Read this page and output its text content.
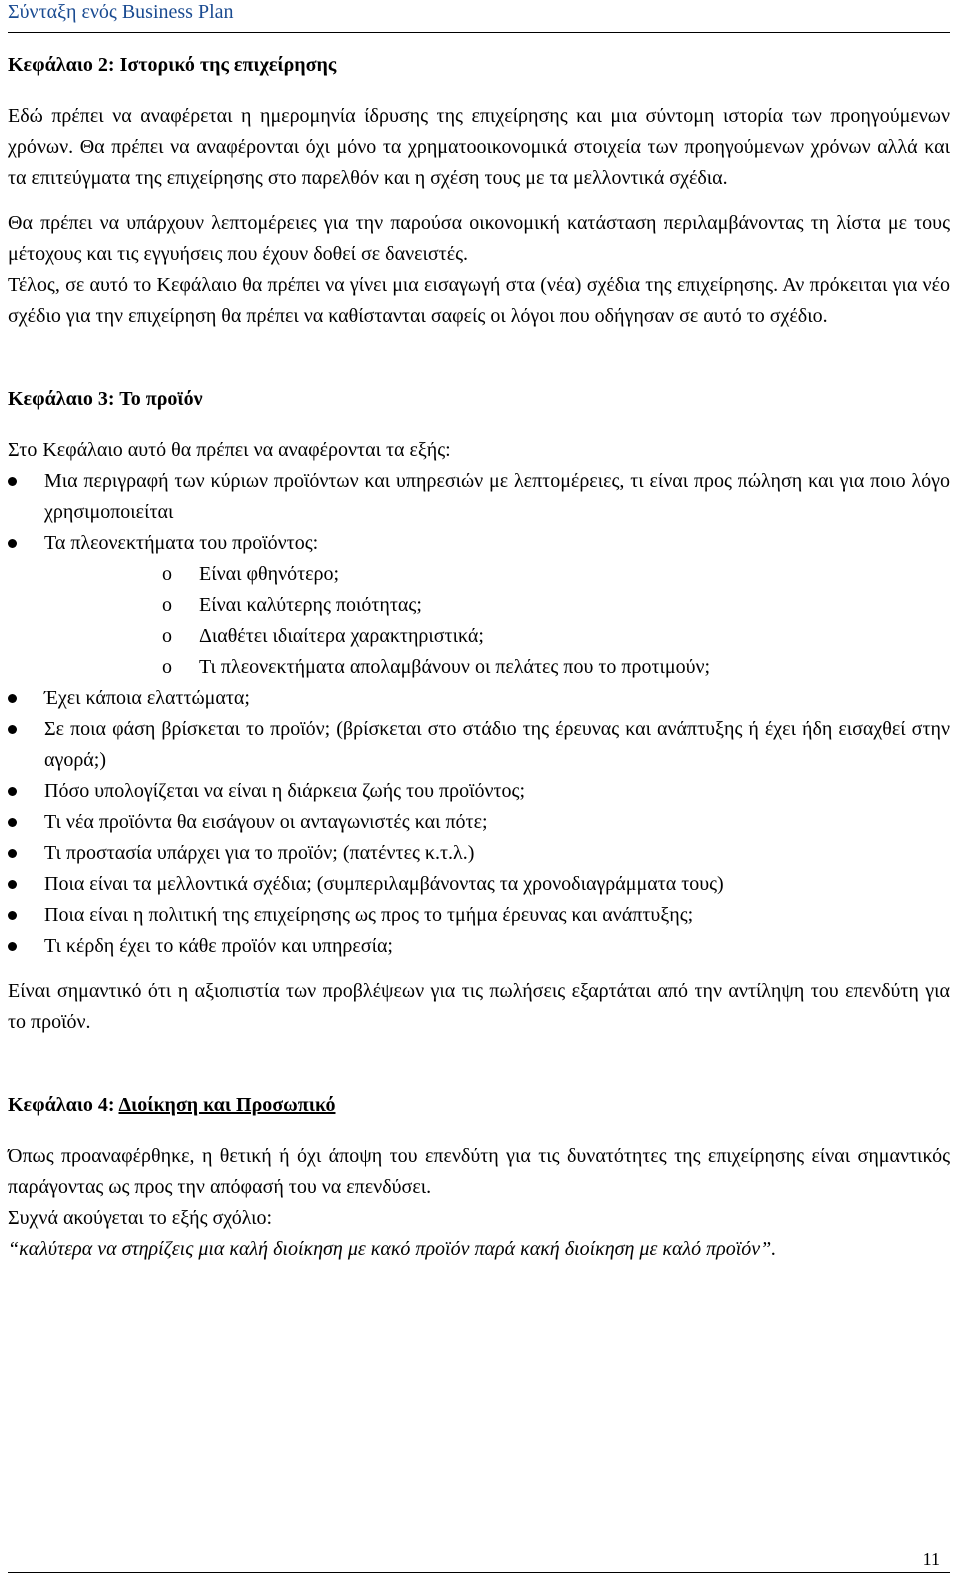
Σύνταξη ενός Business Plan
Κεφάλαιο 2: Ιστορικό της επιχείρησης

Εδώ πρέπει να αναφέρεται η ημερομηνία ίδρυσης της επιχείρησης και μια σύντομη ιστορία των προηγούμενων χρόνων. Θα πρέπει να αναφέρονται όχι μόνο τα χρηματοοικονομικά στοιχεία των προηγούμενων χρόνων αλλά και τα επιτεύγματα της επιχείρησης στο παρελθόν και η σχέση τους με τα μελλοντικά σχέδια.

Θα πρέπει να υπάρχουν λεπτομέρειες για την παρούσα οικονομική κατάσταση περιλαμβάνοντας τη λίστα με τους μέτοχους και τις εγγυήσεις που έχουν δοθεί σε δανειστές.

Τέλος, σε αυτό το Κεφάλαιο θα πρέπει να γίνει μια εισαγωγή στα (νέα) σχέδια της επιχείρησης. Αν πρόκειται για νέο σχέδιο για την επιχείρηση θα πρέπει να καθίστανται σαφείς οι λόγοι που οδήγησαν σε αυτό το σχέδιο.

Κεφάλαιο 3: Το προϊόν

Στο Κεφάλαιο αυτό θα πρέπει να αναφέρονται τα εξής:

Μια περιγραφή των κύριων προϊόντων και υπηρεσιών με λεπτομέρειες, τι είναι προς πώληση και για ποιο λόγο χρησιμοποιείται
Τα πλεονεκτήματα του προϊόντος:
o Είναι φθηνότερο;
o Είναι καλύτερης ποιότητας;
o Διαθέτει ιδιαίτερα χαρακτηριστικά;
o Τι πλεονεκτήματα απολαμβάνουν οι πελάτες που το προτιμούν;
Έχει κάποια ελαττώματα;
Σε ποια φάση βρίσκεται το προϊόν; (βρίσκεται στο στάδιο της έρευνας και ανάπτυξης ή έχει ήδη εισαχθεί στην αγορά;)
Πόσο υπολογίζεται να είναι η διάρκεια ζωής του προϊόντος;
Τι νέα προϊόντα θα εισάγουν οι ανταγωνιστές και πότε;
Τι προστασία υπάρχει για το προϊόν; (πατέντες κ.τ.λ.)
Ποια είναι τα μελλοντικά σχέδια; (συμπεριλαμβάνοντας τα χρονοδιαγράμματα τους)
Ποια είναι η πολιτική της επιχείρησης ως προς το τμήμα έρευνας και ανάπτυξης;
Τι κέρδη έχει το κάθε προϊόν και υπηρεσία;

Είναι σημαντικό ότι η αξιοπιστία των προβλέψεων για τις πωλήσεις εξαρτάται από την αντίληψη του επενδύτη για το προϊόν.

Κεφάλαιο 4: Διοίκηση και Προσωπικό

Όπως προαναφέρθηκε, η θετική ή όχι άποψη του επενδύτη για τις δυνατότητες της επιχείρησης είναι σημαντικός παράγοντας ως προς την απόφασή του να επενδύσει.

Συχνά ακούγεται το εξής σχόλιο:

“καλύτερα να στηρίζεις μια καλή διοίκηση με κακό προϊόν παρά κακή διοίκηση με καλό προϊόν”.

11
